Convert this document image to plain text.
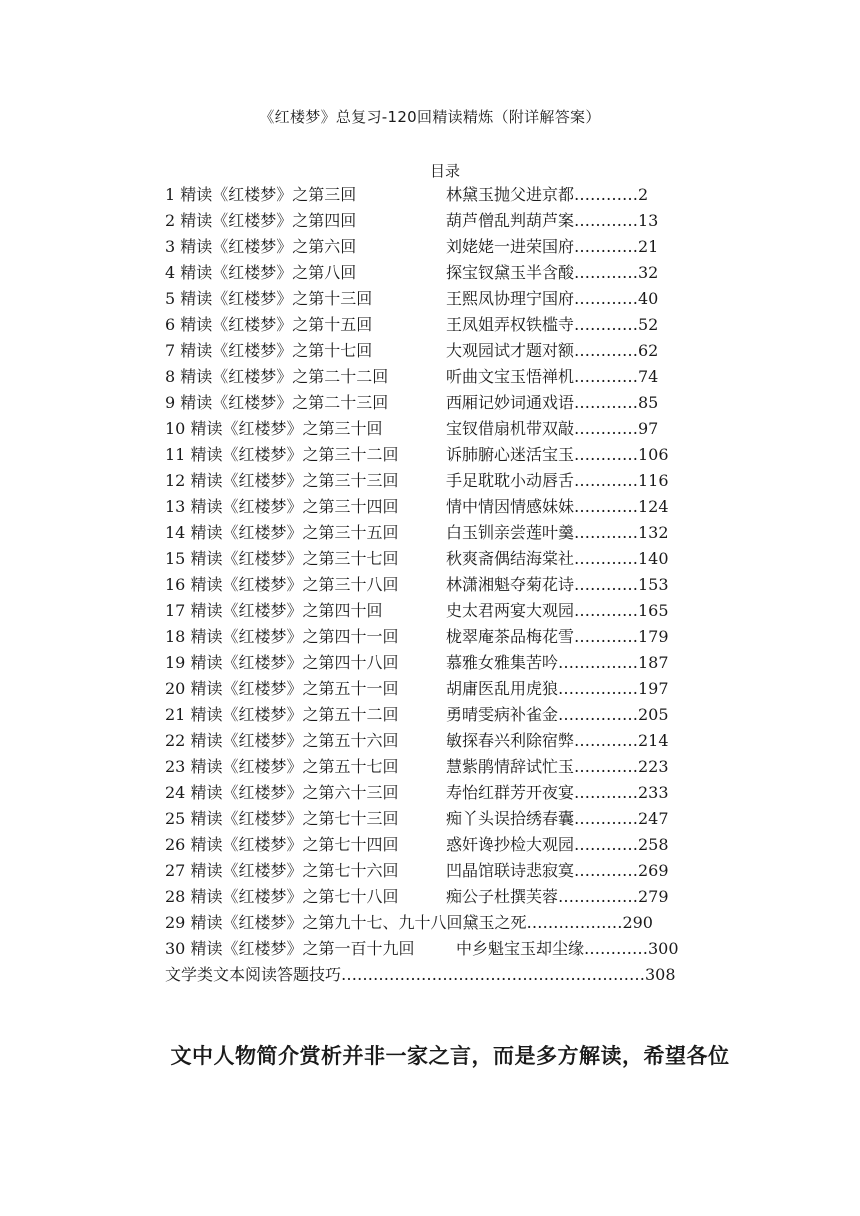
《红楼梦》总复习-120回精读精炼（附详解答案）
目录
1 精读《红楼梦》之第三回	林黛玉抛父进京都…………2
2 精读《红楼梦》之第四回	葫芦僧乱判葫芦案…………13
3 精读《红楼梦》之第六回	刘姥姥一进荣国府…………21
4 精读《红楼梦》之第八回	探宝钗黛玉半含酸…………32
5 精读《红楼梦》之第十三回	王熙凤协理宁国府…………40
6 精读《红楼梦》之第十五回	王凤姐弄权铁槛寺…………52
7 精读《红楼梦》之第十七回	大观园试才题对额…………62
8 精读《红楼梦》之第二十二回	听曲文宝玉悟禅机…………74
9 精读《红楼梦》之第二十三回	西厢记妙词通戏语…………85
10 精读《红楼梦》之第三十回	宝钗借扇机带双敲…………97
11 精读《红楼梦》之第三十二回	诉肺腑心迷活宝玉…………106
12 精读《红楼梦》之第三十三回	手足耽耽小动唇舌…………116
13 精读《红楼梦》之第三十四回	情中情因情感妹妹…………124
14 精读《红楼梦》之第三十五回	白玉钏亲尝莲叶羹…………132
15 精读《红楼梦》之第三十七回	秋爽斋偶结海棠社…………140
16 精读《红楼梦》之第三十八回	林潇湘魁夺菊花诗…………153
17 精读《红楼梦》之第四十回	史太君两宴大观园…………165
18 精读《红楼梦》之第四十一回	栊翠庵茶品梅花雪…………179
19 精读《红楼梦》之第四十八回	慕雅女雅集苦吟……………187
20 精读《红楼梦》之第五十一回	胡庸医乱用虎狼……………197
21 精读《红楼梦》之第五十二回	勇晴雯病补雀金……………205
22 精读《红楼梦》之第五十六回	敏探春兴利除宿弊…………214
23 精读《红楼梦》之第五十七回	慧紫鹃情辞试忙玉…………223
24 精读《红楼梦》之第六十三回	寿怡红群芳开夜宴…………233
25 精读《红楼梦》之第七十三回	痴丫头误拾绣春囊…………247
26 精读《红楼梦》之第七十四回	惑奸谗抄检大观园…………258
27 精读《红楼梦》之第七十六回	凹晶馆联诗悲寂寞…………269
28 精读《红楼梦》之第七十八回	痴公子杜撰芙蓉……………279
29 精读《红楼梦》之第九十七、九十八回黛玉之死………………290
30 精读《红楼梦》之第一百十九回	中乡魁宝玉却尘缘…………300
文学类文本阅读答题技巧…………………………………………………308
文中人物简介赏析并非一家之言，而是多方解读，希望各位
